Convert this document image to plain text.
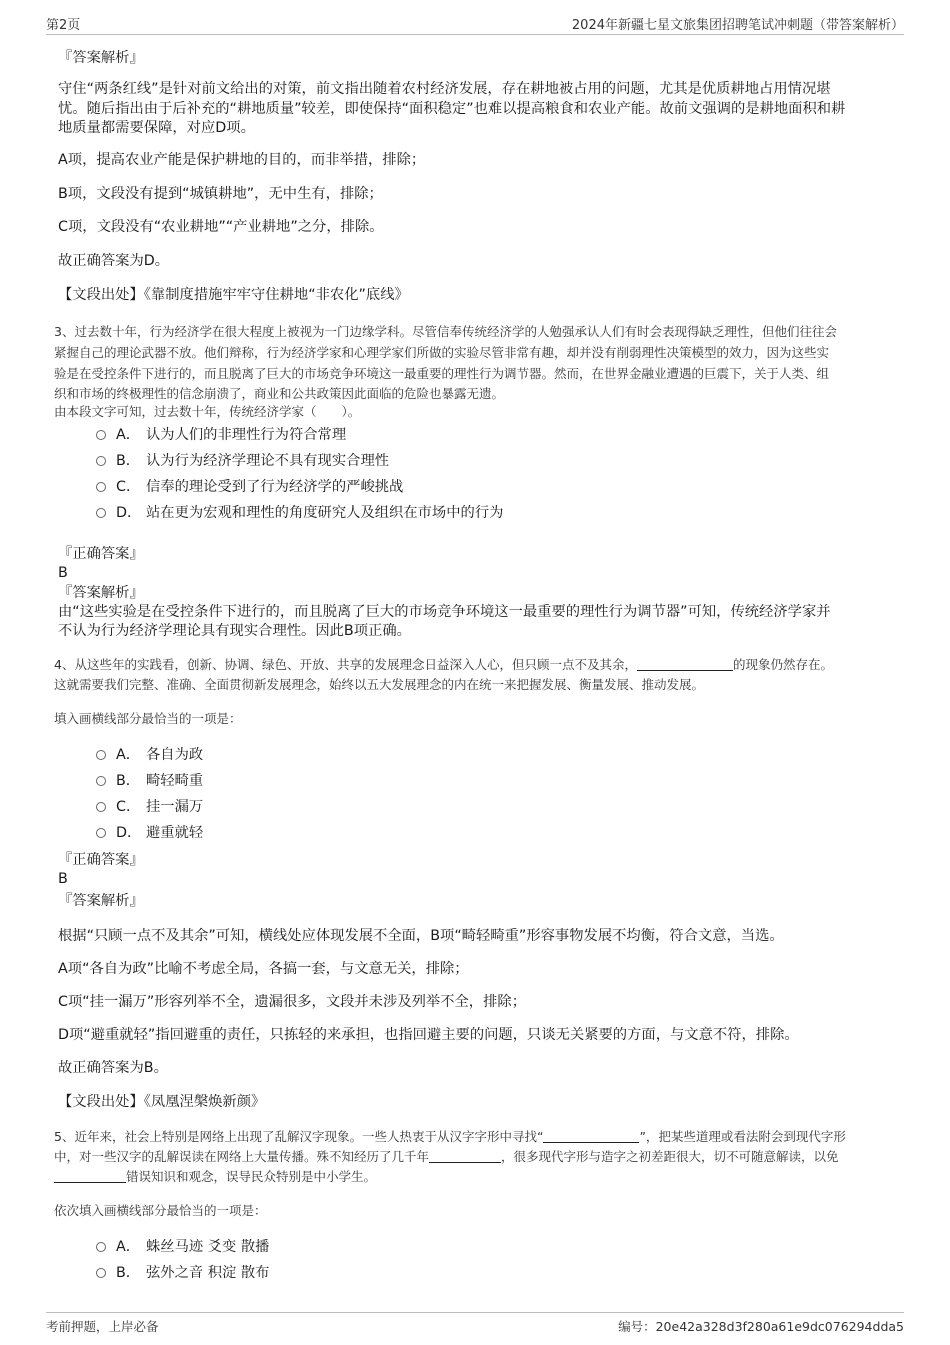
第2页	2024年新疆七星文旅集团招聘笔试冲刺题（带答案解析）
『答案解析』
守住“两条红线”是针对前文给出的对策，前文指出随着农村经济发展，存在耕地被占用的问题，尤其是优质耕地占用情况堪
忧。随后指出由于后补充的“耕地质量”较差，即使保持“面积稳定”也难以提高粮食和农业产能。故前文强调的是耕地面积和耕
地质量都需要保障，对应D项。
A项，提高农业产能是保护耕地的目的，而非举措，排除；
B项，文段没有提到“城镇耕地”，无中生有，排除；
C项，文段没有“农业耕地”“产业耕地”之分，排除。
故正确答案为D。
【文段出处】《靠制度措施牢牢守住耕地“非农化”底线》
3、过去数十年，行为经济学在很大程度上被视为一门边缘学科。尽管信奉传统经济学的人勉强承认人们有时会表现得缺乏理性，但他们往往会
紧握自己的理论武器不放。他们辩称，行为经济学家和心理学家们所做的实验尽管非常有趣，却并没有削弱理性决策模型的效力，因为这些实
验是在受控条件下进行的，而且脱离了巨大的市场竞争环境这一最重要的理性行为调节器。然而，在世界金融业遭遇的巨震下，关于人类、组
织和市场的终极理性的信念崩溃了，商业和公共政策因此面临的危险也暴露无遗。
由本段文字可知，过去数十年，传统经济学家（　　）。
A． 认为人们的非理性行为符合常理
B． 认为行为经济学理论不具有现实合理性
C． 信奉的理论受到了行为经济学的严峻挑战
D． 站在更为宏观和理性的角度研究人及组织在市场中的行为
『正确答案』
B
『答案解析』
由“这些实验是在受控条件下进行的，而且脱离了巨大的市场竞争环境这一最重要的理性行为调节器”可知，传统经济学家并
不认为行为经济学理论具有现实合理性。因此B项正确。
4、从这些年的实践看，创新、协调、绿色、开放、共享的发展理念日益深入人心，但只顾一点不及其余，	的现象仍然存在。
这就需要我们完整、准确、全面贯彻新发展理念，始终以五大发展理念的内在统一来把握发展、衡量发展、推动发展。
填入画横线部分最恰当的一项是：
A． 各自为政
B． 畸轻畸重
C． 挂一漏万
D． 避重就轻
『正确答案』
B
『答案解析』
根据“只顾一点不及其余”可知，横线处应体现发展不全面，B项“畸轻畸重”形容事物发展不均衡，符合文意，当选。
A项“各自为政”比喻不考虑全局，各搞一套，与文意无关，排除；
C项“挂一漏万”形容列举不全，遗漏很多，文段并未涉及列举不全，排除；
D项“避重就轻”指回避重的责任，只拣轻的来承担，也指回避主要的问题，只谈无关紧要的方面，与文意不符，排除。
故正确答案为B。
【文段出处】《凤凰涅槃焕新颜》
5、近年来，社会上特别是网络上出现了乱解汉字现象。一些人热衷于从汉字字形中寻找“	”，把某些道理或看法附会到现代字形
中，对一些汉字的乱解误读在网络上大量传播。殊不知经历了几千年	，很多现代字形与造字之初差距很大，切不可随意解读，以免
错误知识和观念，误导民众特别是中小学生。
依次填入画横线部分最恰当的一项是：
A． 蛛丝马迹 爻变 散播
B． 弦外之音 积淀 散布
考前押题，上岸必备	编号：20e42a328d3f280a61e9dc076294dda5
